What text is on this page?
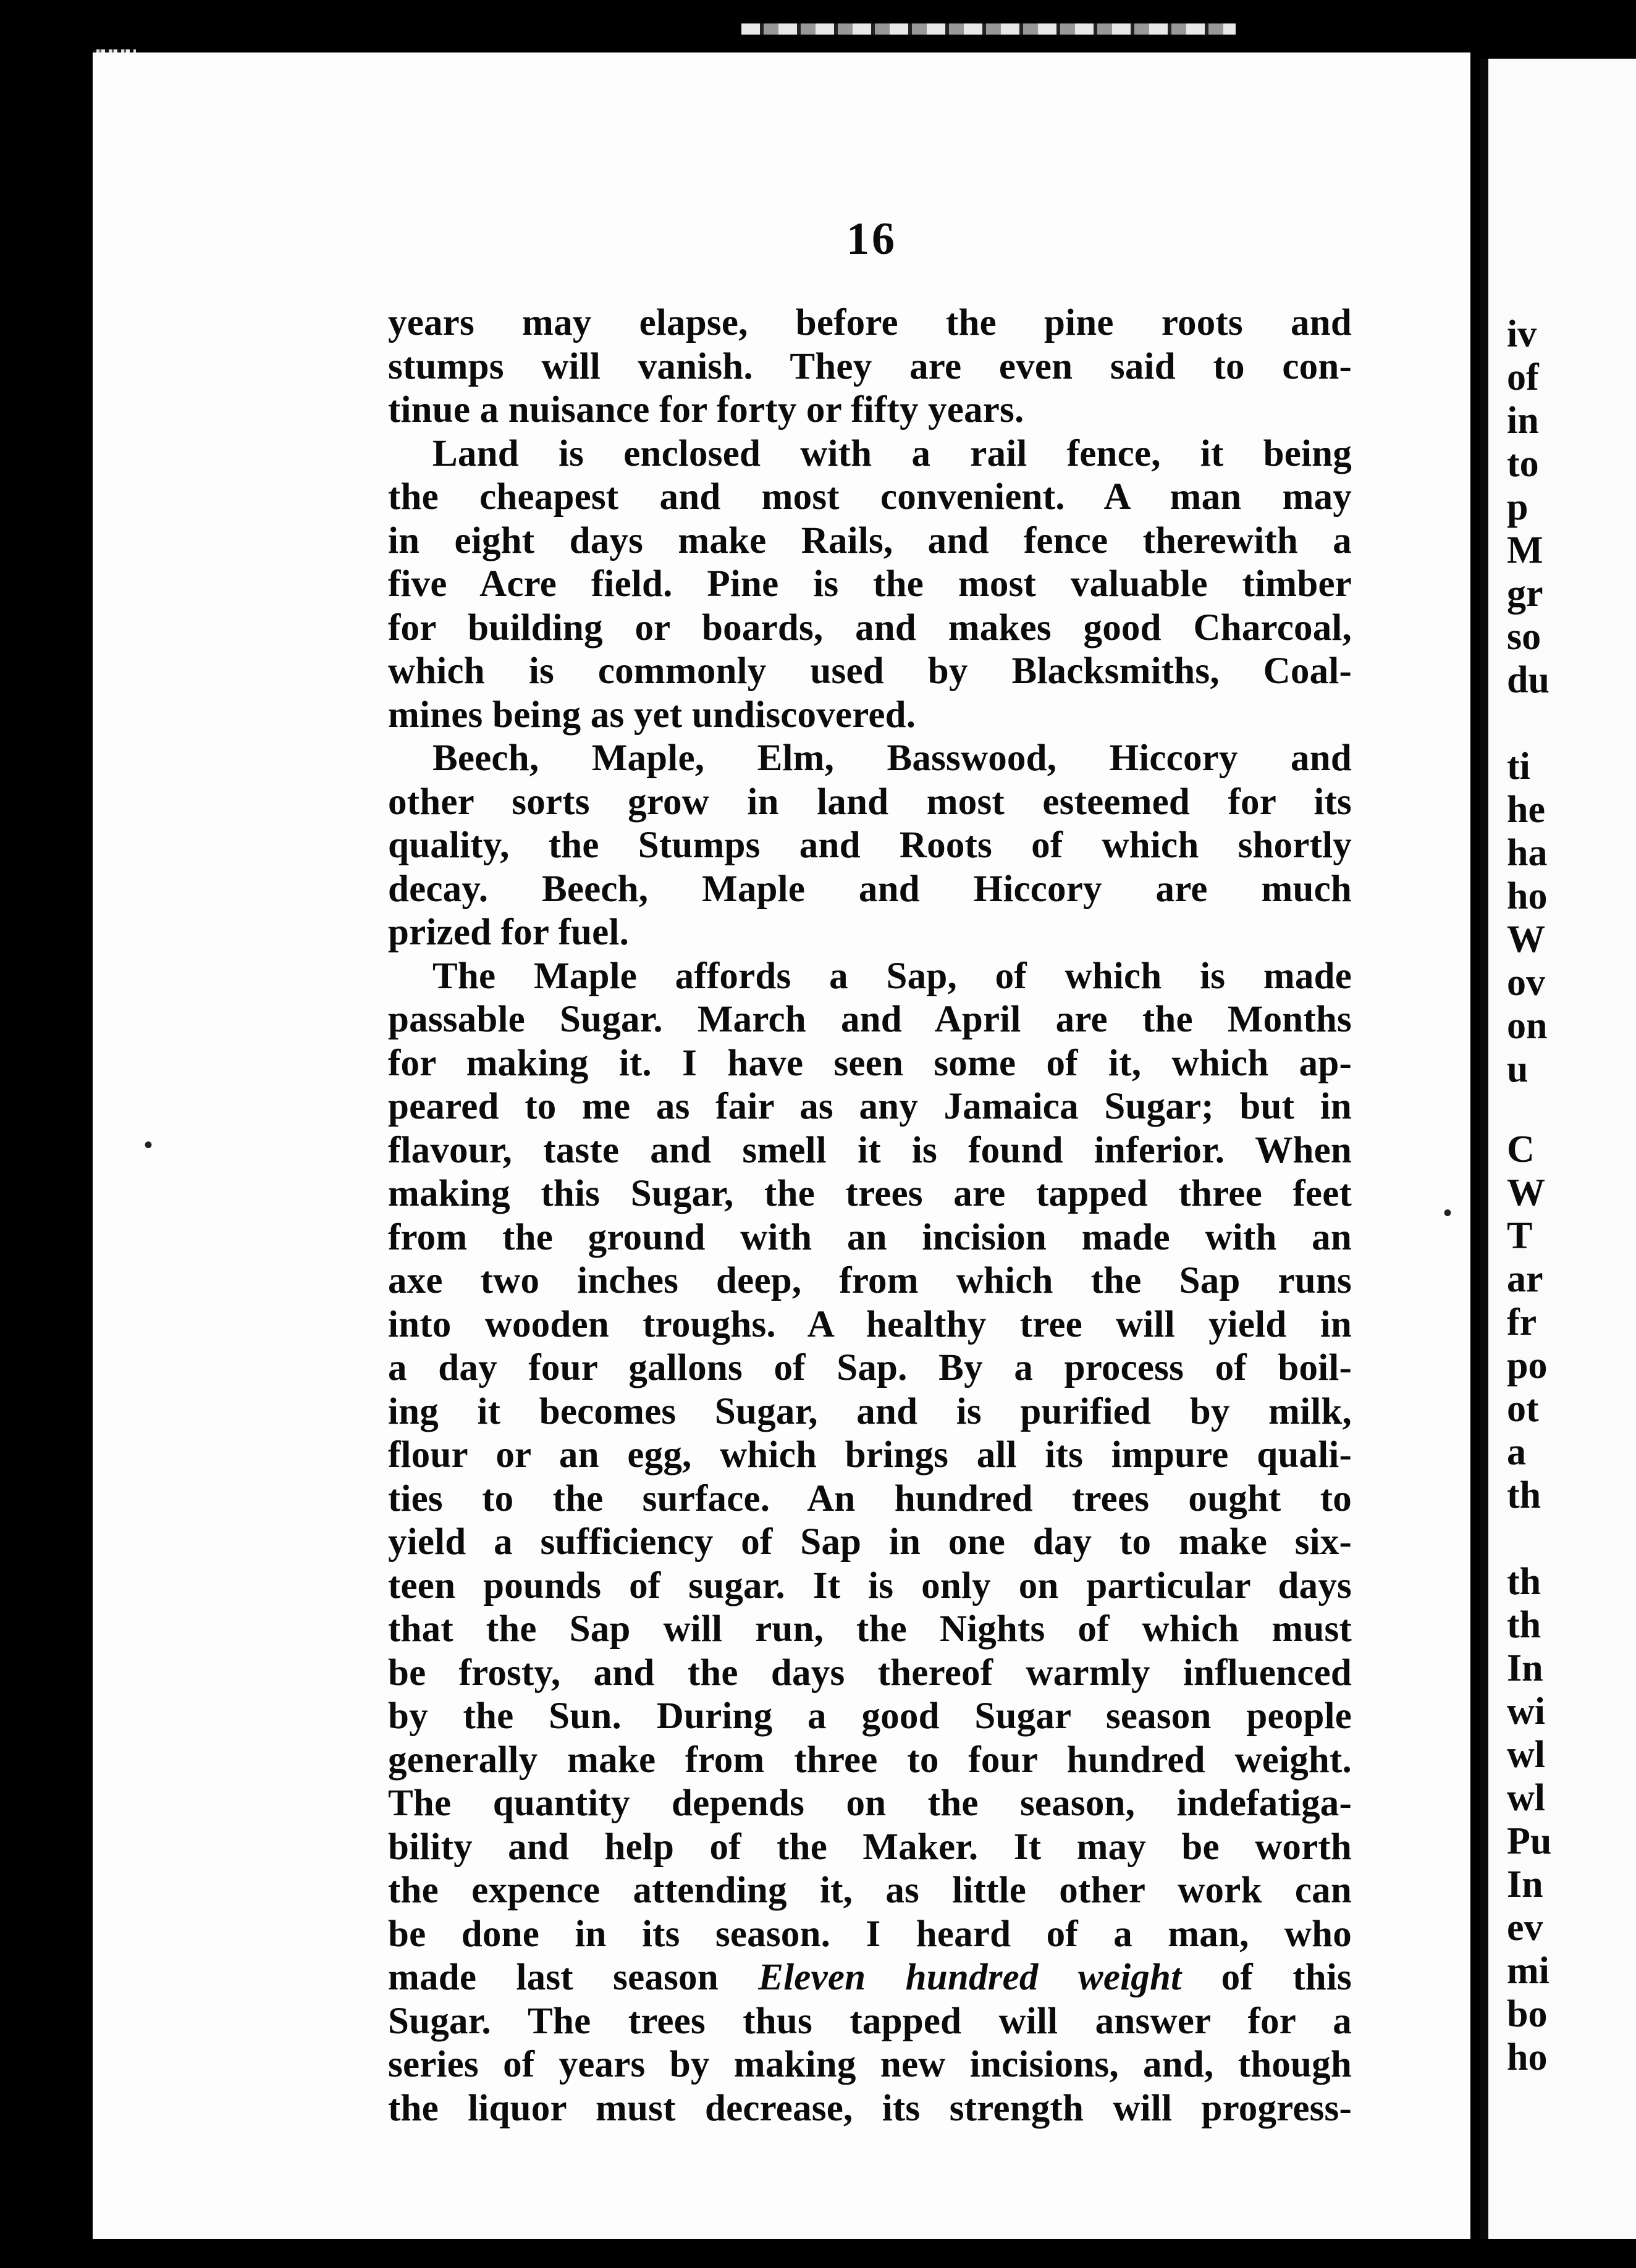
16
years may elapse, before the pine roots and
stumps will vanish. They are even said to con-
tinue a nuisance for forty or fifty years.
Land is enclosed with a rail fence, it being
the cheapest and most convenient. A man may
in eight days make Rails, and fence therewith a
five Acre field. Pine is the most valuable timber
for building or boards, and makes good Charcoal,
which is commonly used by Blacksmiths, Coal-
mines being as yet undiscovered.
Beech, Maple, Elm, Basswood, Hiccory and
other sorts grow in land most esteemed for its
quality, the Stumps and Roots of which shortly
decay. Beech, Maple and Hiccory are much
prized for fuel.
The Maple affords a Sap, of which is made
passable Sugar. March and April are the Months
for making it. I have seen some of it, which ap-
peared to me as fair as any Jamaica Sugar; but in
flavour, taste and smell it is found inferior. When
making this Sugar, the trees are tapped three feet
from the ground with an incision made with an
axe two inches deep, from which the Sap runs
into wooden troughs. A healthy tree will yield in
a day four gallons of Sap. By a process of boil-
ing it becomes Sugar, and is purified by milk,
flour or an egg, which brings all its impure quali-
ties to the surface. An hundred trees ought to
yield a sufficiency of Sap in one day to make six-
teen pounds of sugar. It is only on particular days
that the Sap will run, the Nights of which must
be frosty, and the days thereof warmly influenced
by the Sun. During a good Sugar season people
generally make from three to four hundred weight.
The quantity depends on the season, indefatiga-
bility and help of the Maker. It may be worth
the expence attending it, as little other work can
be done in its season. I heard of a man, who
made last season Eleven hundred weight of this
Sugar. The trees thus tapped will answer for a
series of years by making new incisions, and, though
the liquor must decrease, its strength will progress-
•
•
iv
of
in
to
p
M
gr
so
du
ti
he
ha
ho
W
ov
on
u
C
W
T
ar
fr
po
ot
a
th
th
th
In
wi
wl
wl
Pu
In
ev
mi
bo
ho
